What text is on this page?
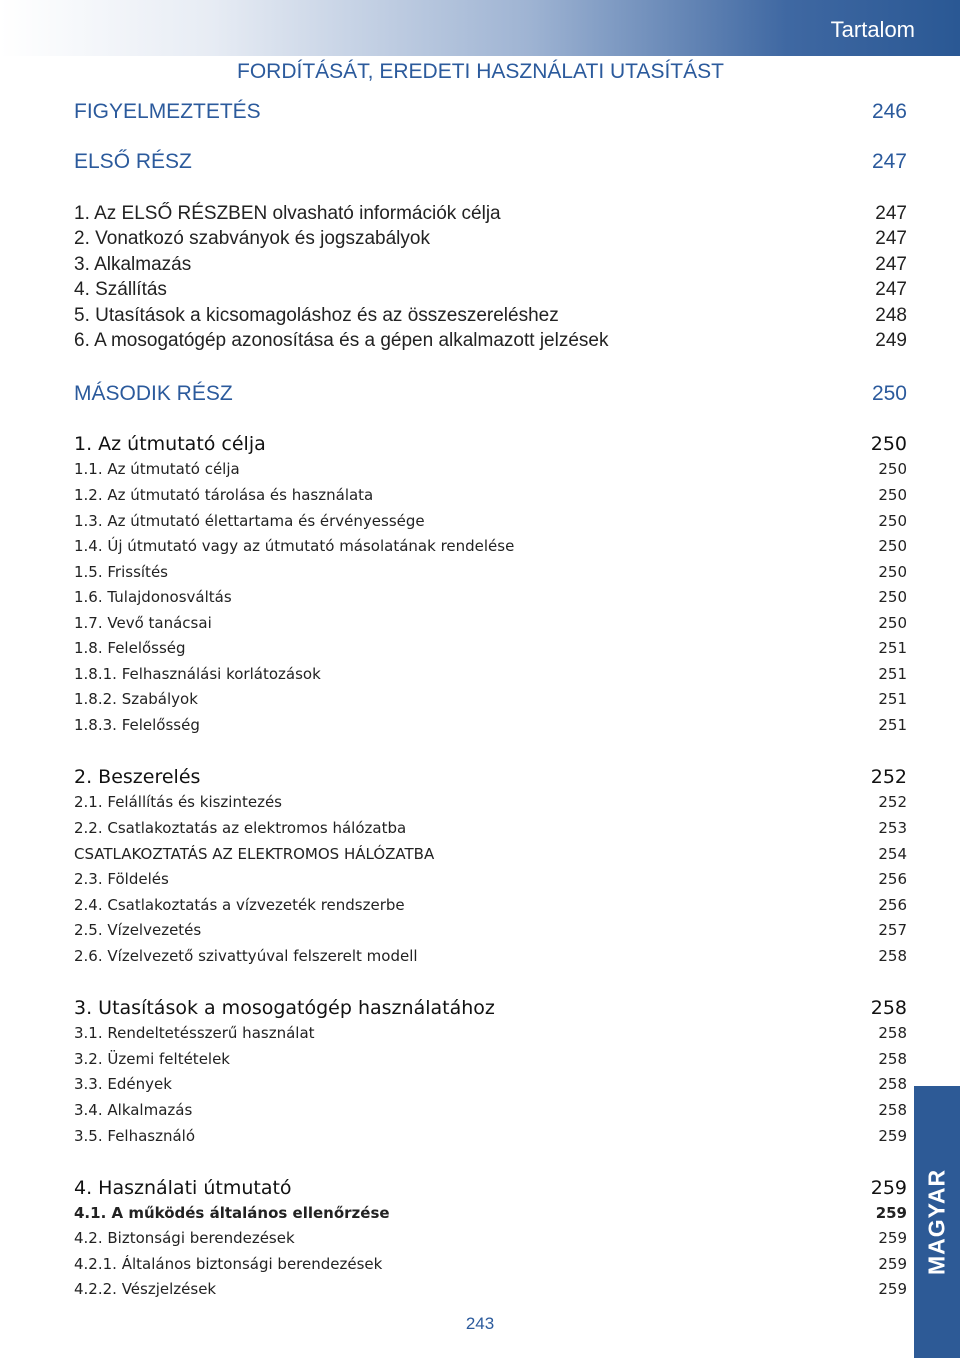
Tartalom
FORDÍTÁSÁT, EREDETI HASZNÁLATI UTASÍTÁST
FIGYELMEZTETÉS	246
ELSŐ RÉSZ	247
1. Az ELSŐ RÉSZBEN olvasható információk célja	247
2. Vonatkozó szabványok és jogszabályok	247
3. Alkalmazás	247
4. Szállítás	247
5. Utasítások a kicsomagoláshoz és az összeszereléshez	248
6. A mosogatógép azonosítása és a gépen alkalmazott jelzések	249
MÁSODIK RÉSZ	250
1. Az útmutató célja	250
1.1. Az útmutató célja	250
1.2. Az útmutató tárolása és használata	250
1.3. Az útmutató élettartama és érvényessége	250
1.4. Új útmutató vagy az útmutató másolatának rendelése	250
1.5. Frissítés	250
1.6. Tulajdonosváltás	250
1.7. Vevő tanácsai	250
1.8. Felelősség	251
1.8.1. Felhasználási korlátozások	251
1.8.2. Szabályok	251
1.8.3. Felelősség	251
2. Beszerelés	252
2.1. Felállítás és kiszintezés	252
2.2. Csatlakoztatás az elektromos hálózatba	253
CSATLAKOZTATÁS AZ ELEKTROMOS HÁLÓZATBA	254
2.3. Földelés	256
2.4. Csatlakoztatás a vízvezeték rendszerbe	256
2.5. Vízelvezetés	257
2.6. Vízelvezető szivattyúval felszerelt modell	258
3. Utasítások a mosogatógép használatához	258
3.1. Rendeltetésszerű használat	258
3.2. Üzemi feltételek	258
3.3. Edények	258
3.4. Alkalmazás	258
3.5. Felhasználó	259
4. Használati útmutató	259
4.1. A működés általános ellenőrzése	259
4.2. Biztonsági berendezések	259
4.2.1. Általános biztonsági berendezések	259
4.2.2. Vészjelzések	259
MAGYAR
243
